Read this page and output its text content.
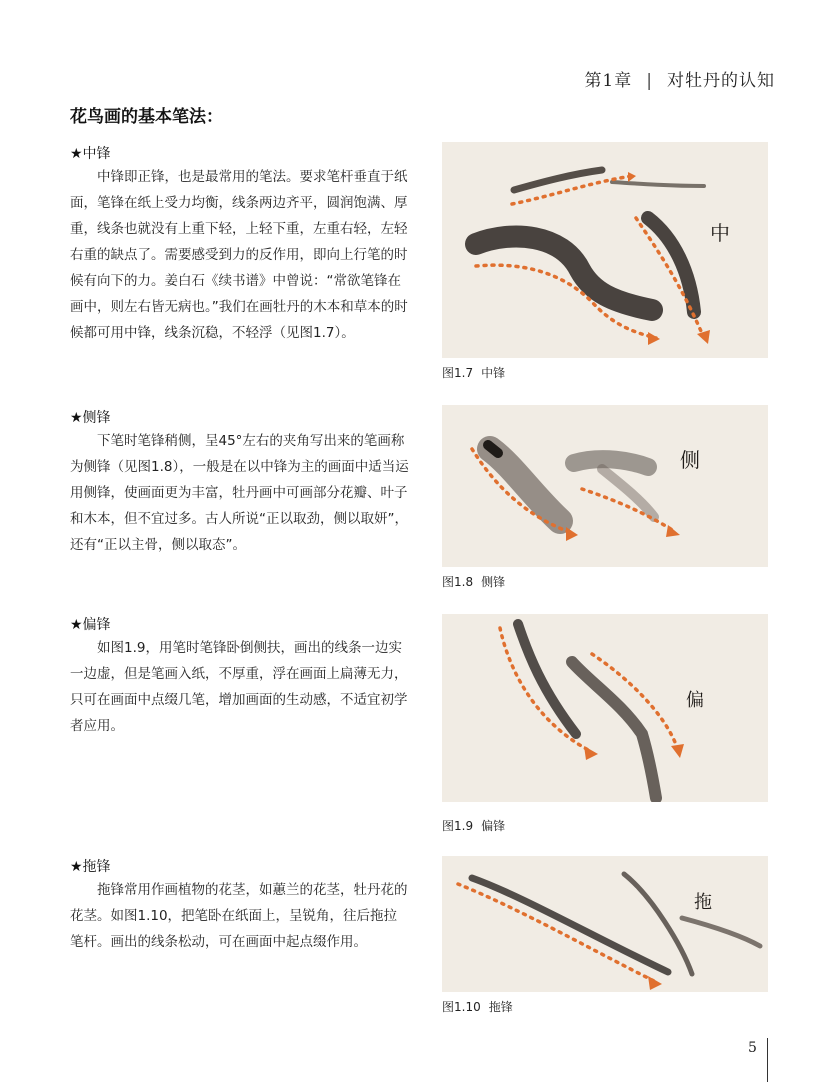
第1章 | 对牡丹的认知
花鸟画的基本笔法：
★中锋

中锋即正锋，也是最常用的笔法。要求笔杆垂直于纸面，笔锋在纸上受力均衡，线条两边齐平，圆润饱满、厚重，线条也就没有上重下轻，上轻下重，左重右轻，左轻右重的缺点了。需要感受到力的反作用，即向上行笔的时候有向下的力。姜白石《续书谱》中曾说：“常欲笔锋在画中，则左右皆无病也。”我们在画牡丹的木本和草本的时候都可用中锋，线条沉稳，不轻浮（见图1.7）。

中
图1.7 中锋
★侧锋

下笔时笔锋稍侧，呈45°左右的夹角写出来的笔画称为侧锋（见图1.8），一般是在以中锋为主的画面中适当运用侧锋，使画面更为丰富，牡丹画中可画部分花瓣、叶子和木本，但不宜过多。古人所说“正以取劲，侧以取妍”，还有“正以主骨，侧以取态”。

侧
图1.8 侧锋
★偏锋

如图1.9，用笔时笔锋卧倒侧扶，画出的线条一边实一边虚，但是笔画入纸，不厚重，浮在画面上扁薄无力，只可在画面中点缀几笔，增加画面的生动感，不适宜初学者应用。

偏
图1.9 偏锋
★拖锋

拖锋常用作画植物的花茎，如蕙兰的花茎，牡丹花的花茎。如图1.10，把笔卧在纸面上，呈锐角，往后拖拉笔杆。画出的线条松动，可在画面中起点缀作用。

拖
图1.10 拖锋
5
